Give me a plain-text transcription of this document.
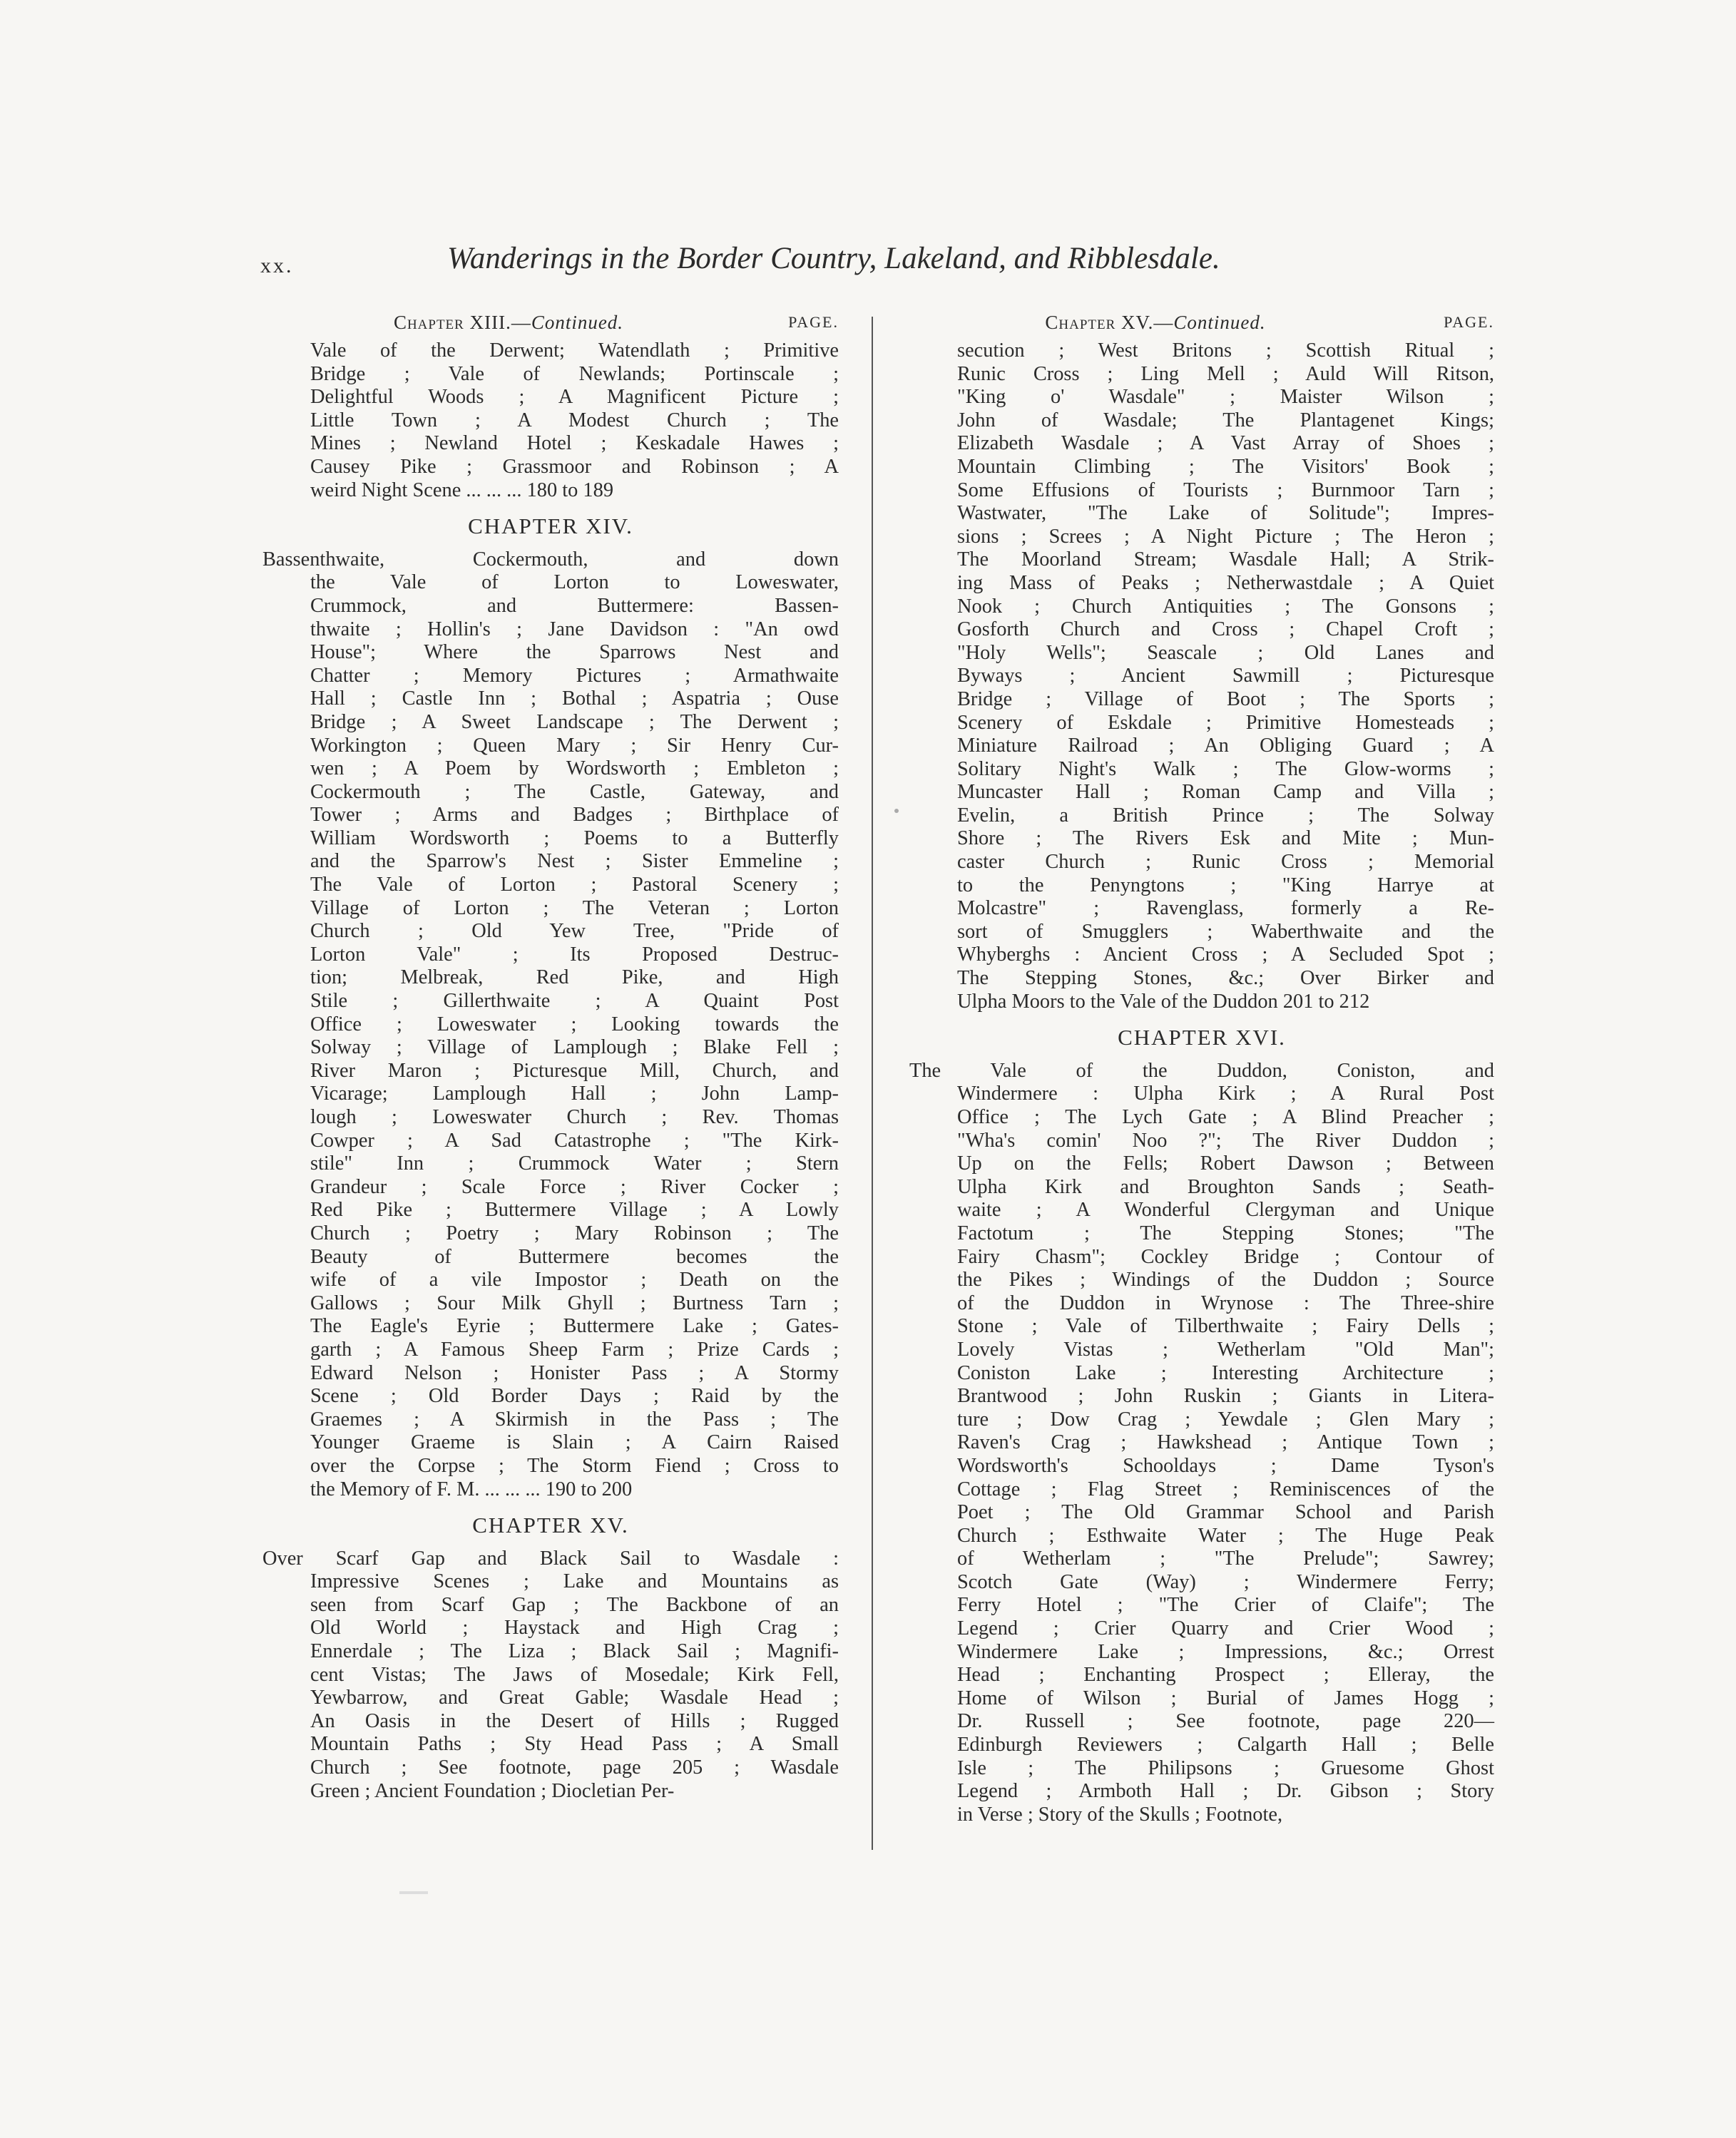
xx.	Wanderings in the Border Country, Lakeland, and Ribblesdale.
Chapter XIII.—Continued.	PAGE.
Vale of the Derwent; Watendlath ; Primitive
Bridge ; Vale of Newlands; Portinscale ;
Delightful Woods ; A Magnificent Picture ;
Little Town ; A Modest Church ; The
Mines ; Newland Hotel ; Keskadale Hawes ;
Causey Pike ; Grassmoor and Robinson ; A
weird Night Scene ... ... ... 180 to 189
CHAPTER XIV.
Bassenthwaite, Cockermouth, and down
the Vale of Lorton to Loweswater,
Crummock, and Buttermere: Bassen-
thwaite ; Hollin's ; Jane Davidson : "An owd
House"; Where the Sparrows Nest and
Chatter ; Memory Pictures ; Armathwaite
Hall ; Castle Inn ; Bothal ; Aspatria ; Ouse
Bridge ; A Sweet Landscape ; The Derwent ;
Workington ; Queen Mary ; Sir Henry Cur-
wen ; A Poem by Wordsworth ; Embleton ;
Cockermouth ; The Castle, Gateway, and
Tower ; Arms and Badges ; Birthplace of
William Wordsworth ; Poems to a Butterfly
and the Sparrow's Nest ; Sister Emmeline ;
The Vale of Lorton ; Pastoral Scenery ;
Village of Lorton ; The Veteran ; Lorton
Church ; Old Yew Tree, "Pride of
Lorton Vale" ; Its Proposed Destruc-
tion; Melbreak, Red Pike, and High
Stile ; Gillerthwaite ; A Quaint Post
Office ; Loweswater ; Looking towards the
Solway ; Village of Lamplough ; Blake Fell ;
River Maron ; Picturesque Mill, Church, and
Vicarage; Lamplough Hall ; John Lamp-
lough ; Loweswater Church ; Rev. Thomas
Cowper ; A Sad Catastrophe ; "The Kirk-
stile" Inn ; Crummock Water ; Stern
Grandeur ; Scale Force ; River Cocker ;
Red Pike ; Buttermere Village ; A Lowly
Church ; Poetry ; Mary Robinson ; The
Beauty of Buttermere becomes the
wife of a vile Impostor ; Death on the
Gallows ; Sour Milk Ghyll ; Burtness Tarn ;
The Eagle's Eyrie ; Buttermere Lake ; Gates-
garth ; A Famous Sheep Farm ; Prize Cards ;
Edward Nelson ; Honister Pass ; A Stormy
Scene ; Old Border Days ; Raid by the
Graemes ; A Skirmish in the Pass ; The
Younger Graeme is Slain ; A Cairn Raised
over the Corpse ; The Storm Fiend ; Cross to
the Memory of F. M. ... ... ... 190 to 200
CHAPTER XV.
Over Scarf Gap and Black Sail to Wasdale :
Impressive Scenes ; Lake and Mountains as
seen from Scarf Gap ; The Backbone of an
Old World ; Haystack and High Crag ;
Ennerdale ; The Liza ; Black Sail ; Magnifi-
cent Vistas; The Jaws of Mosedale; Kirk Fell,
Yewbarrow, and Great Gable; Wasdale Head ;
An Oasis in the Desert of Hills ; Rugged
Mountain Paths ; Sty Head Pass ; A Small
Church ; See footnote, page 205 ; Wasdale
Green ; Ancient Foundation ; Diocletian Per-
Chapter XV.—Continued.	PAGE.
secution ; West Britons ; Scottish Ritual ;
Runic Cross ; Ling Mell ; Auld Will Ritson,
"King o' Wasdale" ; Maister Wilson ;
John of Wasdale; The Plantagenet Kings;
Elizabeth Wasdale ; A Vast Array of Shoes ;
Mountain Climbing ; The Visitors' Book ;
Some Effusions of Tourists ; Burnmoor Tarn ;
Wastwater, "The Lake of Solitude"; Impres-
sions ; Screes ; A Night Picture ; The Heron ;
The Moorland Stream; Wasdale Hall; A Strik-
ing Mass of Peaks ; Netherwastdale ; A Quiet
Nook ; Church Antiquities ; The Gonsons ;
Gosforth Church and Cross ; Chapel Croft ;
"Holy Wells"; Seascale ; Old Lanes and
Byways ; Ancient Sawmill ; Picturesque
Bridge ; Village of Boot ; The Sports ;
Scenery of Eskdale ; Primitive Homesteads ;
Miniature Railroad ; An Obliging Guard ; A
Solitary Night's Walk ; The Glow-worms ;
Muncaster Hall ; Roman Camp and Villa ;
Evelin, a British Prince ; The Solway
Shore ; The Rivers Esk and Mite ; Mun-
caster Church ; Runic Cross ; Memorial
to the Penyngtons ; "King Harrye at
Molcastre" ; Ravenglass, formerly a Re-
sort of Smugglers ; Waberthwaite and the
Whyberghs : Ancient Cross ; A Secluded Spot ;
The Stepping Stones, &c.; Over Birker and
Ulpha Moors to the Vale of the Duddon 201 to 212
CHAPTER XVI.
The Vale of the Duddon, Coniston, and
Windermere : Ulpha Kirk ; A Rural Post
Office ; The Lych Gate ; A Blind Preacher ;
"Wha's comin' Noo ?"; The River Duddon ;
Up on the Fells; Robert Dawson ; Between
Ulpha Kirk and Broughton Sands ; Seath-
waite ; A Wonderful Clergyman and Unique
Factotum ; The Stepping Stones; "The
Fairy Chasm"; Cockley Bridge ; Contour of
the Pikes ; Windings of the Duddon ; Source
of the Duddon in Wrynose : The Three-shire
Stone ; Vale of Tilberthwaite ; Fairy Dells ;
Lovely Vistas ; Wetherlam "Old Man";
Coniston Lake ; Interesting Architecture ;
Brantwood ; John Ruskin ; Giants in Litera-
ture ; Dow Crag ; Yewdale ; Glen Mary ;
Raven's Crag ; Hawkshead ; Antique Town ;
Wordsworth's Schooldays ; Dame Tyson's
Cottage ; Flag Street ; Reminiscences of the
Poet ; The Old Grammar School and Parish
Church ; Esthwaite Water ; The Huge Peak
of Wetherlam ; "The Prelude"; Sawrey;
Scotch Gate (Way) ; Windermere Ferry;
Ferry Hotel ; "The Crier of Claife"; The
Legend ; Crier Quarry and Crier Wood ;
Windermere Lake ; Impressions, &c.; Orrest
Head ; Enchanting Prospect ; Elleray, the
Home of Wilson ; Burial of James Hogg ;
Dr. Russell ; See footnote, page 220—
Edinburgh Reviewers ; Calgarth Hall ; Belle
Isle ; The Philipsons ; Gruesome Ghost
Legend ; Armboth Hall ; Dr. Gibson ; Story
in Verse ; Story of the Skulls ; Footnote,
